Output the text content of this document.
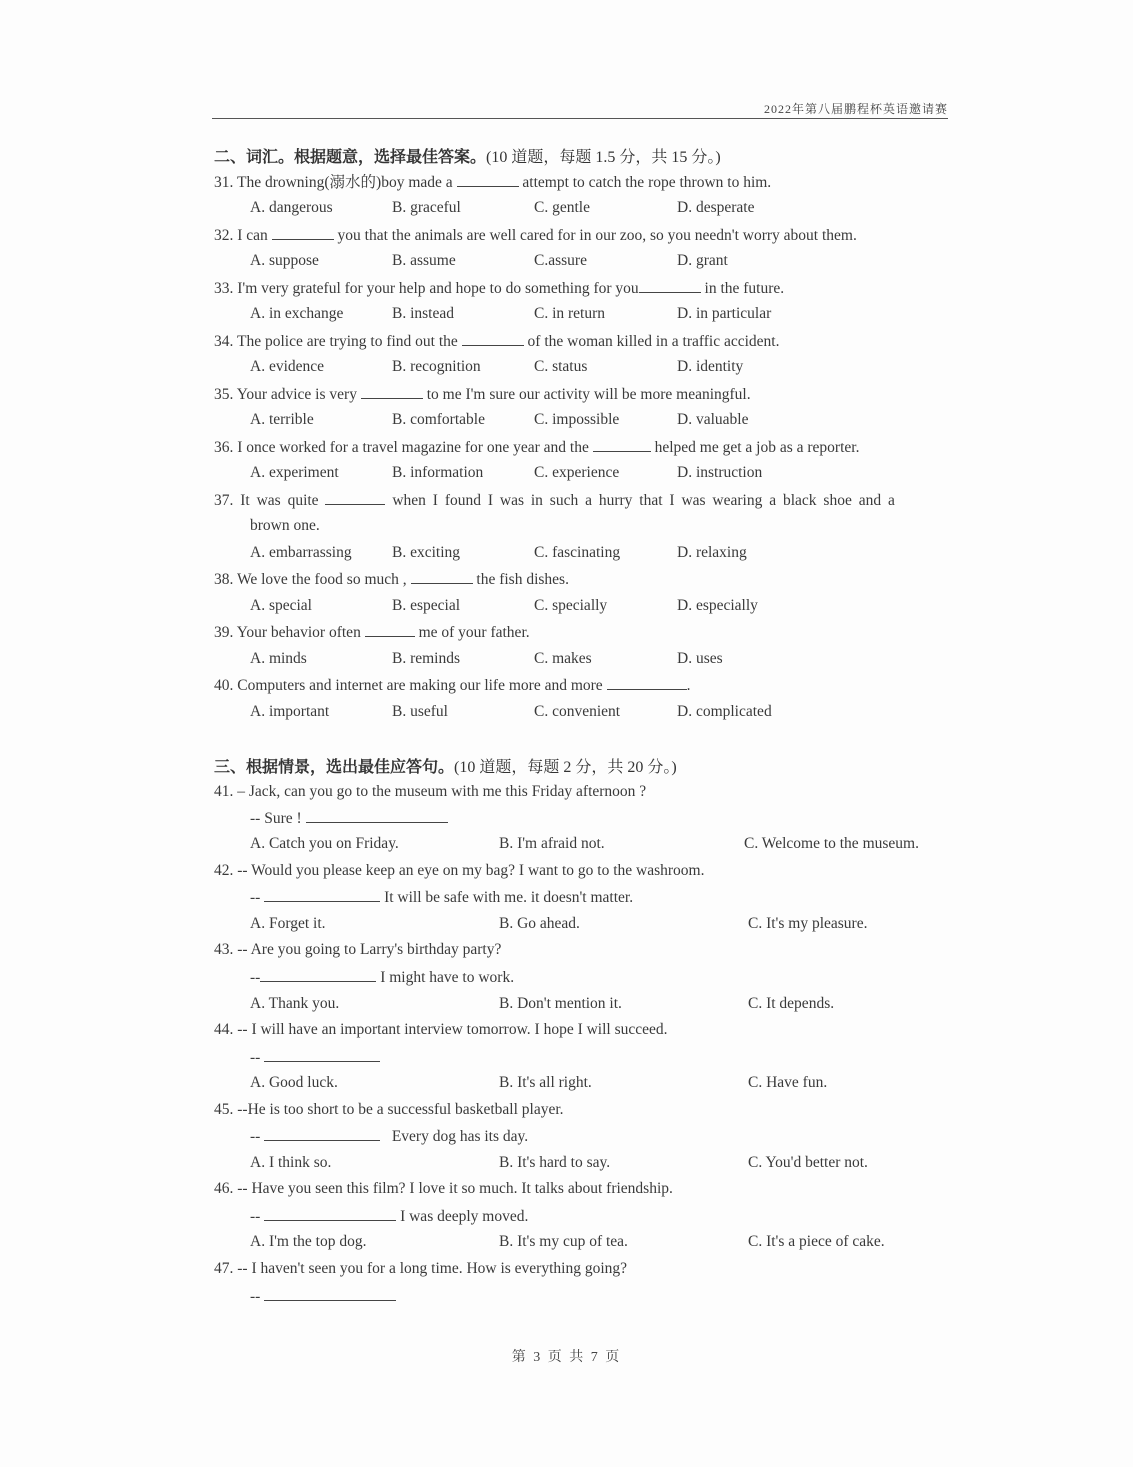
2022年第八届鹏程杯英语邀请赛
二、词汇。根据题意，选择最佳答案。(10 道题，每题 1.5 分，共 15 分。)
31. The drowning(溺水的)boy made a	attempt to catch the rope thrown to him.
A. dangerous	B. graceful	C. gentle	D. desperate
32. I can	you that the animals are well cared for in our zoo, so you needn't worry about them.
A. suppose	B. assume	C.assure	D. grant
33. I'm very grateful for your help and hope to do something for you	in the future.
A. in exchange	B. instead	C. in return	D. in particular
34. The police are trying to find out the	of the woman killed in a traffic accident.
A. evidence	B. recognition	C. status	D. identity
35. Your advice is very	to me I'm sure our activity will be more meaningful.
A. terrible	B. comfortable	C. impossible	D. valuable
36. I once worked for a travel magazine for one year and the	helped me get a job as a reporter.
A. experiment	B. information	C. experience	D. instruction
37. It was quite	when I found I was in such a hurry that I was wearing a black shoe and a
brown one.
A. embarrassing	B. exciting	C. fascinating	D. relaxing
38. We love the food so much ,	the fish dishes.
A. special	B. especial	C. specially	D. especially
39. Your behavior often	me of your father.
A. minds	B. reminds	C. makes	D. uses
40. Computers and internet are making our life more and more	.
A. important	B. useful	C. convenient	D. complicated
三、根据情景，选出最佳应答句。(10 道题，每题 2 分，共 20 分。)
41. – Jack, can you go to the museum with me this Friday afternoon ?
-- Sure !
A. Catch you on Friday.	B. I'm afraid not.	C. Welcome to the museum.
42. -- Would you please keep an eye on my bag? I want to go to the washroom.
--	It will be safe with me. it doesn't matter.
A. Forget it.	B. Go ahead.	C. It's my pleasure.
43. -- Are you going to Larry's birthday party?
--	I might have to work.
A. Thank you.	B. Don't mention it.	C. It depends.
44. -- I will have an important interview tomorrow. I hope I will succeed.
--
A. Good luck.	B. It's all right.	C. Have fun.
45. --He is too short to be a successful basketball player.
--	Every dog has its day.
A. I think so.	B. It's hard to say.	C. You'd better not.
46. -- Have you seen this film? I love it so much. It talks about friendship.
--	I was deeply moved.
A. I'm the top dog.	B. It's my cup of tea.	C. It's a piece of cake.
47. -- I haven't seen you for a long time. How is everything going?
--
第 3 页 共 7 页
